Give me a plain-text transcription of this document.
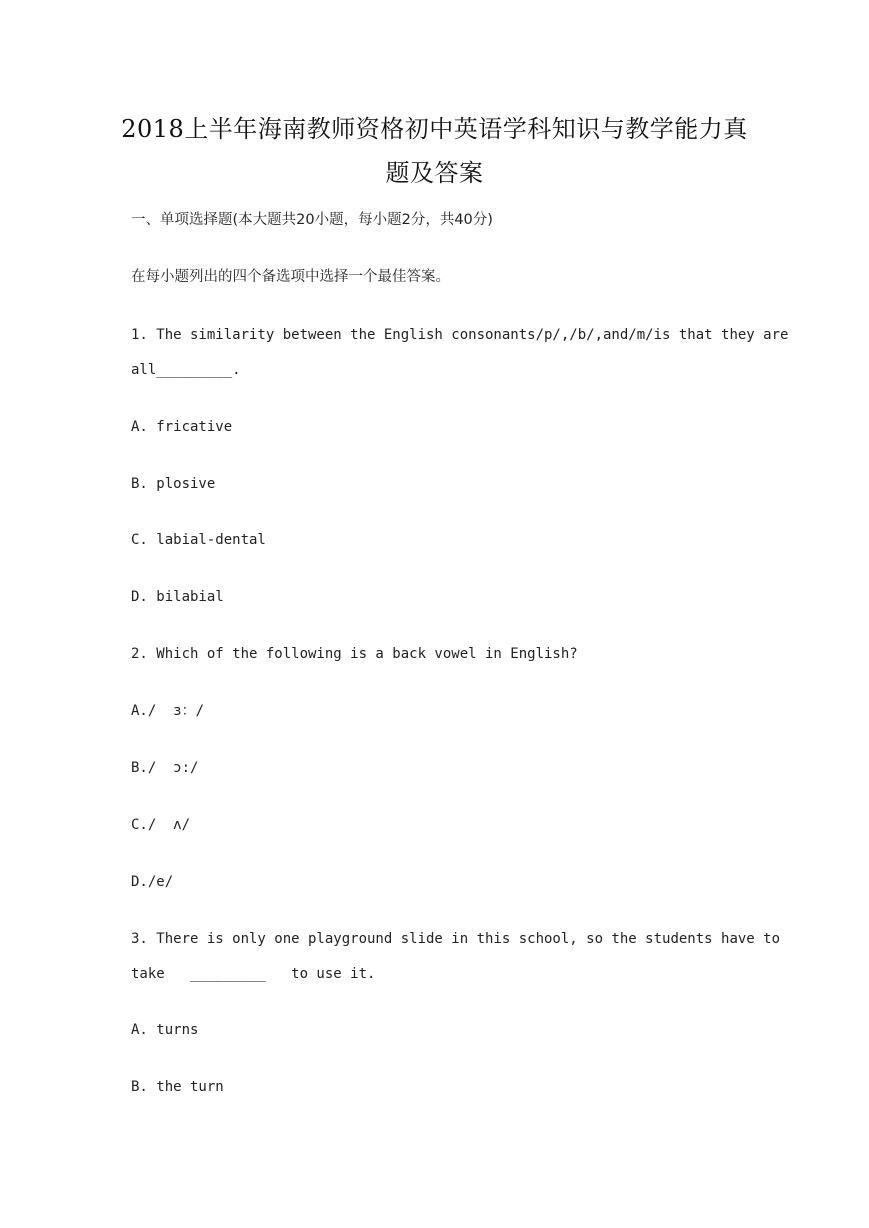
2018上半年海南教师资格初中英语学科知识与教学能力真
题及答案
一、单项选择题(本大题共20小题，每小题2分，共40分)
在每小题列出的四个备选项中选择一个最佳答案。
1. The similarity between the English consonants/p/,/b/,and/m/is that they are
all_________.
A. fricative
B. plosive
C. labial-dental
D. bilabial
2. Which of the following is a back vowel in English?
A./  ɜ：/
B./  ɔ:/
C./  ʌ/
D./e/
3. There is only one playground slide in this school, so the students have to
take   _________   to use it.
A. turns
B. the turn
